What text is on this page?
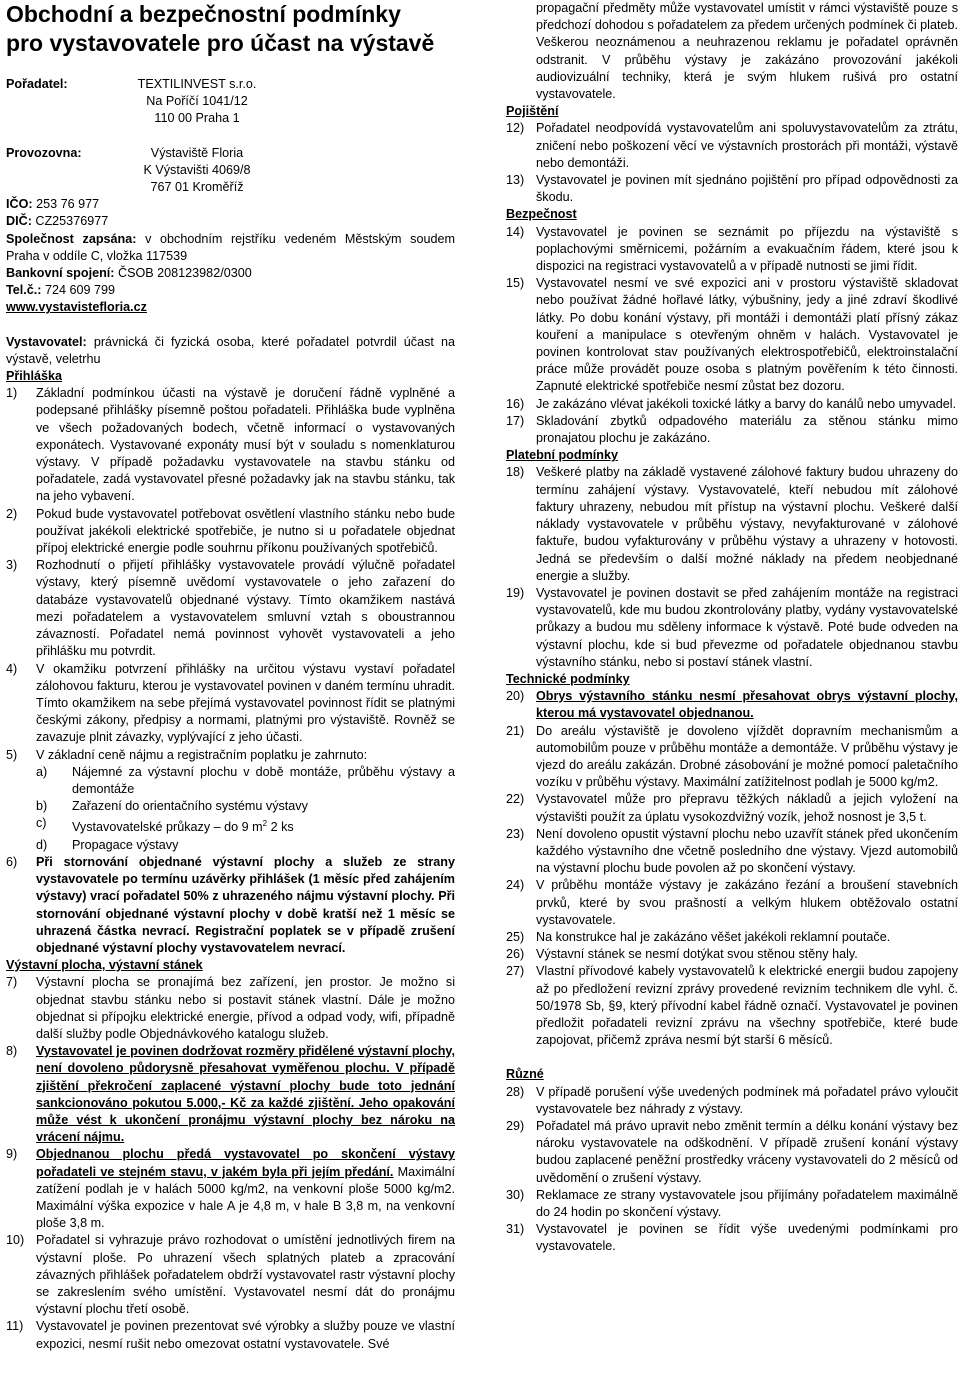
Obchodní a bezpečnostní podmínky
pro vystavovatele pro účast na výstavě
Pořadatel:	TEXTILINVEST s.r.o.
Na Poříčí 1041/12
110 00 Praha 1
Provozovna:	Výstaviště Floria
K Výstavišti 4069/8
767 01 Kroměříž

IČO: 253 76 977

DIČ: CZ25376977

Společnost zapsána: v obchodním rejstříku vedeném Městským soudem Praha v oddíle C, vložka 117539

Bankovní spojení: ČSOB 208123982/0300

Tel.č.: 724 609 799

www.vystavistefloria.cz

Vystavovatel: právnická či fyzická osoba, které pořadatel potvrdil účast na výstavě, veletrhu

Přihláška

1)	Základní podmínkou účasti na výstavě je doručení řádně vyplněné a podepsané přihlášky písemně poštou pořadateli. Přihláška bude vyplněna ve všech požadovaných bodech, včetně informací o vystavovaných exponátech. Vystavované exponáty musí být v souladu s nomenklaturou výstavy. V případě požadavku vystavovatele na stavbu stánku od pořadatele, zadá vystavovatel přesné požadavky jak na stavbu stánku, tak na jeho vybavení.
2)	Pokud bude vystavovatel potřebovat osvětlení vlastního stánku nebo bude používat jakékoli elektrické spotřebiče, je nutno si u pořadatele objednat přípoj elektrické energie podle souhrnu příkonu používaných spotřebičů.
3)	Rozhodnutí o přijetí přihlášky vystavovatele provádí výlučně pořadatel výstavy, který písemně uvědomí vystavovatele o jeho zařazení do databáze vystavovatelů objednané výstavy. Tímto okamžikem nastává mezi pořadatelem a vystavovatelem smluvní vztah s oboustrannou závazností. Pořadatel nemá povinnost vyhovět vystavovateli a jeho přihlášku mu potvrdit.
4)	V okamžiku potvrzení přihlášky na určitou výstavu vystaví pořadatel zálohovou fakturu, kterou je vystavovatel povinen v daném termínu uhradit. Tímto okamžikem na sebe přejímá vystavovatel povinnost řídit se platnými českými zákony, předpisy a normami, platnými pro výstaviště. Rovněž se zavazuje plnit závazky, vyplývající z jeho účasti.
5)	V základní ceně nájmu a registračním poplatku je zahrnuto:
a)	Nájemné za výstavní plochu v době montáže, průběhu výstavy a demontáže
b)	Zařazení do orientačního systému výstavy
c)	Vystavovatelské průkazy – do 9 $m^2$ 2 ks
d)	Propagace výstavy
6)	Při stornování objednané výstavní plochy a služeb ze strany vystavovatele po termínu uzávěrky přihlášek (1 měsíc před zahájením výstavy) vrací pořadatel 50% z uhrazeného nájmu výstavní plochy. Při stornování objednané výstavní plochy v době kratší než 1 měsíc se uhrazená částka nevrací. Registrační poplatek se v případě zrušení objednané výstavní plochy vystavovatelem nevrací.

Výstavní plocha, výstavní stánek

7)	Výstavní plocha se pronajímá bez zařízení, jen prostor. Je možno si objednat stavbu stánku nebo si postavit stánek vlastní. Dále je možno objednat si přípojku elektrické energie, přívod a odpad vody, wifi, případně další služby podle Objednávkového katalogu služeb.
8)	Vystavovatel je povinen dodržovat rozměry přidělené výstavní plochy, není dovoleno půdorysně přesahovat vyměřenou plochu. V případě zjištění překročení zaplacené výstavní plochy bude toto jednání sankcionováno pokutou 5.000,- Kč za každé zjištění. Jeho opakování může vést k ukončení pronájmu výstavní plochy bez nároku na vrácení nájmu.
9)	Objednanou plochu předá vystavovatel po skončení výstavy pořadateli ve stejném stavu, v jakém byla při jejím předání. Maximální zatížení podlah je v halách 5000 kg/m2, na venkovní ploše 5000 kg/m2. Maximální výška expozice v hale A je 4,8 m, v hale B 3,8 m, na venkovní ploše 3,8 m.
10) Pořadatel si vyhrazuje právo rozhodovat o umístění jednotlivých firem na výstavní ploše. Po uhrazení všech splatných plateb a zpracování závazných přihlášek pořadatelem obdrží vystavovatel rastr výstavní plochy se zakreslením svého umístění. Vystavovatel nesmí dát do pronájmu výstavní plochu třetí osobě.
11)	Vystavovatel je povinen prezentovat své výrobky a služby pouze ve vlastní expozici, nesmí rušit nebo omezovat ostatní vystavovatele. Své
propagační předměty může vystavovatel umístit v rámci výstaviště pouze s předchozí dohodou s pořadatelem za předem určených podmínek či plateb. Veškerou neoznámenou a neuhrazenou reklamu je pořadatel oprávněn odstranit. V průběhu výstavy je zakázáno provozování jakékoli audiovizuální techniky, která je svým hlukem rušivá pro ostatní vystavovatele.

Pojištění

12) Pořadatel neodpovídá vystavovatelům ani spoluvystavovatelům za ztrátu, zničení nebo poškození věcí ve výstavních prostorách při montáži, výstavě nebo demontáži.
13) Vystavovatel je povinen mít sjednáno pojištění pro případ odpovědnosti za škodu.

Bezpečnost

14) Vystavovatel je povinen se seznámit po příjezdu na výstaviště s poplachovými směrnicemi, požárním a evakuačním řádem, které jsou k dispozici na registraci vystavovatelů a v případě nutnosti se jimi řídit.
15) Vystavovatel nesmí ve své expozici ani v prostoru výstaviště skladovat nebo používat žádné hořlavé látky, výbušniny, jedy a jiné zdraví škodlivé látky. Po dobu konání výstavy, při montáži i demontáži platí přísný zákaz kouření a manipulace s otevřeným ohněm v halách. Vystavovatel je povinen kontrolovat stav používaných elektrospotřebičů, elektroinstalační práce může provádět pouze osoba s platným pověřením k této činnosti. Zapnuté elektrické spotřebiče nesmí zůstat bez dozoru.
16) Je zakázáno vlévat jakékoli toxické látky a barvy do kanálů nebo umyvadel.
17) Skladování zbytků odpadového materiálu za stěnou stánku mimo pronajatou plochu je zakázáno.

Platební podmínky

18) Veškeré platby na základě vystavené zálohové faktury budou uhrazeny do termínu zahájení výstavy. Vystavovatelé, kteří nebudou mít zálohové faktury uhrazeny, nebudou mít přístup na výstavní plochu. Veškeré další náklady vystavovatele v průběhu výstavy, nevyfakturované v zálohové faktuře, budou vyfakturovány v průběhu výstavy a uhrazeny v hotovosti. Jedná se především o další možné náklady na předem neobjednané energie a služby.
19) Vystavovatel je povinen dostavit se před zahájením montáže na registraci vystavovatelů, kde mu budou zkontrolovány platby, vydány vystavovatelské průkazy a budou mu sděleny informace k výstavě. Poté bude odveden na výstavní plochu, kde si bud převezme od pořadatele objednanou stavbu výstavního stánku, nebo si postaví stánek vlastní.

Technické podmínky

20) Obrys výstavního stánku nesmí přesahovat obrys výstavní plochy, kterou má vystavovatel objednanou.
21) Do areálu výstaviště je dovoleno vjíždět dopravním mechanismům a automobilům pouze v průběhu montáže a demontáže. V průběhu výstavy je vjezd do areálu zakázán. Drobné zásobování je možné pomocí paletačního vozíku v průběhu výstavy. Maximální zatížitelnost podlah je 5000 kg/m2.
22) Vystavovatel může pro přepravu těžkých nákladů a jejich vyložení na výstavišti použít za úplatu vysokozdvižný vozík, jehož nosnost je 3,5 t.
23) Není dovoleno opustit výstavní plochu nebo uzavřít stánek před ukončením každého výstavního dne včetně posledního dne výstavy. Vjezd automobilů na výstavní plochu bude povolen až po skončení výstavy.
24) V průběhu montáže výstavy je zakázáno řezání a broušení stavebních prvků, které by svou prašností a velkým hlukem obtěžovalo ostatní vystavovatele.
25) Na konstrukce hal je zakázáno věšet jakékoli reklamní poutače.
26) Výstavní stánek se nesmí dotýkat svou stěnou stěny haly.
27) Vlastní přívodové kabely vystavovatelů k elektrické energii budou zapojeny až po předložení revizní zprávy provedené revizním technikem dle vyhl. č. 50/1978 Sb, §9, který přívodní kabel řádně označí. Vystavovatel je povinen předložit pořadateli revizní zprávu na všechny spotřebiče, které bude zapojovat, přičemž zpráva nesmí být starší 6 měsíců.

Různé

28) V případě porušení výše uvedených podmínek má pořadatel právo vyloučit vystavovatele bez náhrady z výstavy.
29) Pořadatel má právo upravit nebo změnit termín a délku konání výstavy bez nároku vystavovatele na odškodnění. V případě zrušení konání výstavy budou zaplacené peněžní prostředky vráceny vystavovateli do 2 měsíců od uvědomění o zrušení výstavy.
30) Reklamace ze strany vystavovatele jsou přijímány pořadatelem maximálně do 24 hodin po skončení výstavy.
31) Vystavovatel je povinen se řídit výše uvedenými podmínkami pro vystavovatele.
